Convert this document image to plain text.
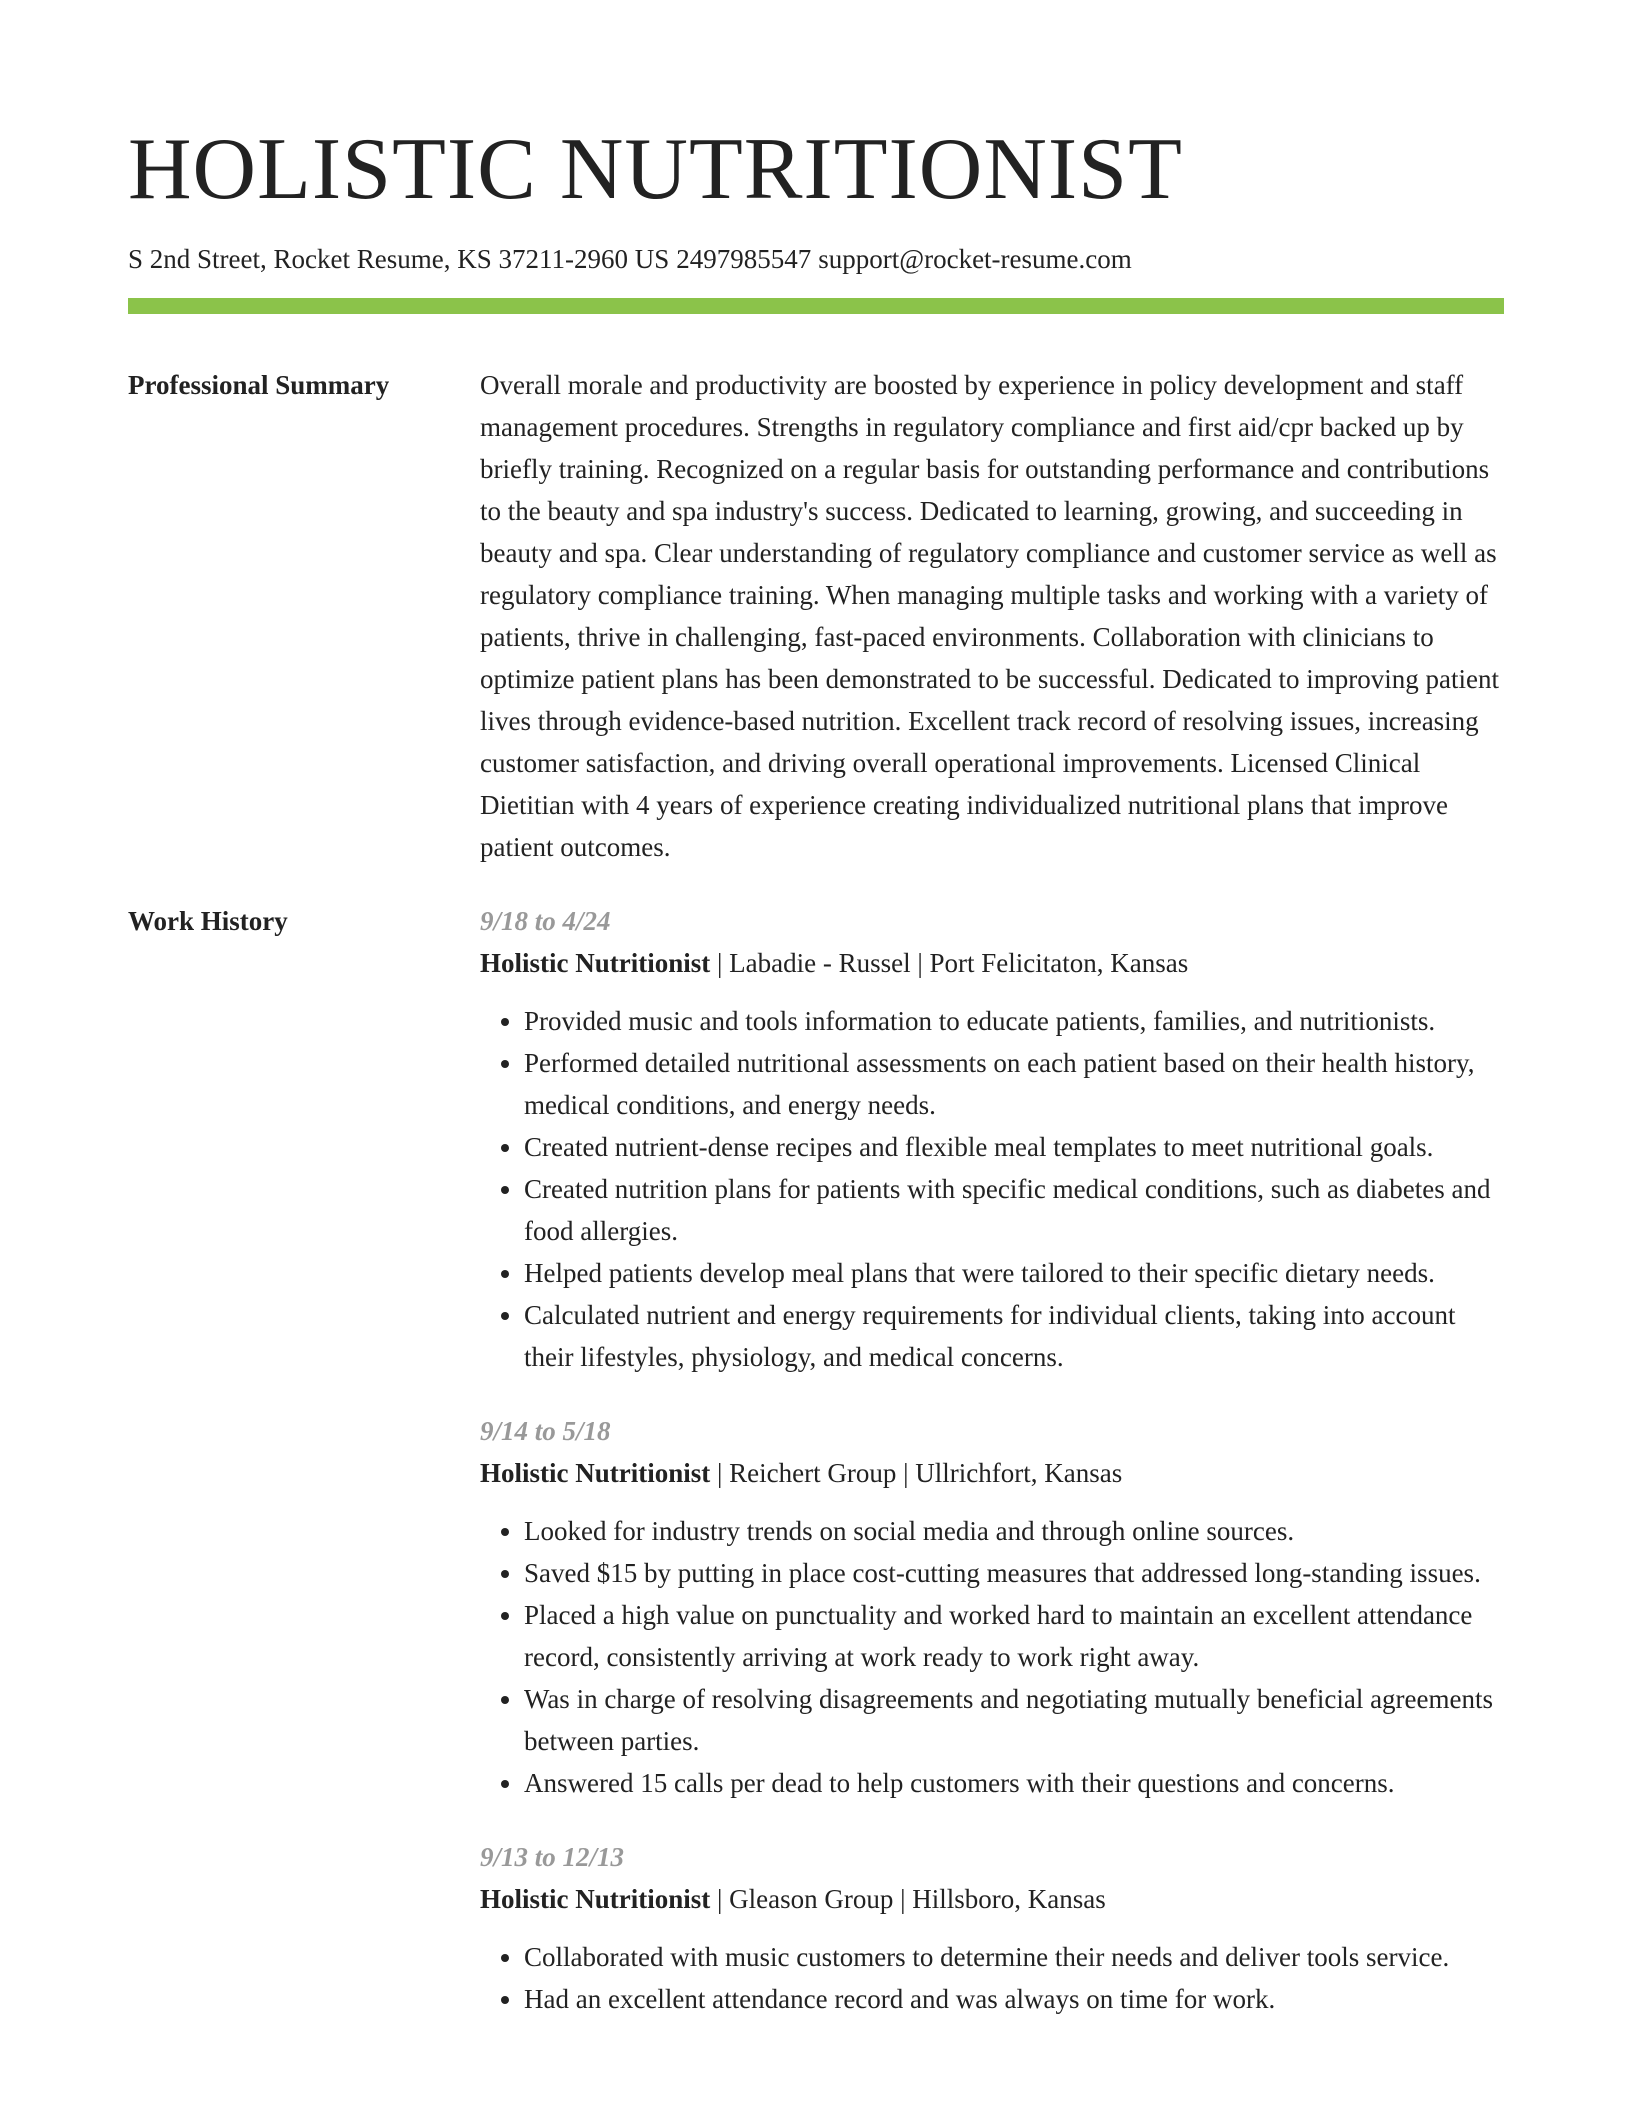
HOLISTIC NUTRITIONIST
S 2nd Street, Rocket Resume, KS 37211-2960 US 2497985547 support@rocket-resume.com
Professional Summary	Overall morale and productivity are boosted by experience in policy development and staff management procedures. Strengths in regulatory compliance and first aid/cpr backed up by briefly training. Recognized on a regular basis for outstanding performance and contributions to the beauty and spa industry's success. Dedicated to learning, growing, and succeeding in beauty and spa. Clear understanding of regulatory compliance and customer service as well as regulatory compliance training. When managing multiple tasks and working with a variety of patients, thrive in challenging, fast-paced environments. Collaboration with clinicians to optimize patient plans has been demonstrated to be successful. Dedicated to improving patient lives through evidence-based nutrition. Excellent track record of resolving issues, increasing customer satisfaction, and driving overall operational improvements. Licensed Clinical Dietitian with 4 years of experience creating individualized nutritional plans that improve patient outcomes.

Work History	9/18 to 4/24
Holistic Nutritionist | Labadie - Russel | Port Felicitaton, Kansas
• Provided music and tools information to educate patients, families, and nutritionists.
• Performed detailed nutritional assessments on each patient based on their health history, medical conditions, and energy needs.
• Created nutrient-dense recipes and flexible meal templates to meet nutritional goals.
• Created nutrition plans for patients with specific medical conditions, such as diabetes and food allergies.
• Helped patients develop meal plans that were tailored to their specific dietary needs.
• Calculated nutrient and energy requirements for individual clients, taking into account their lifestyles, physiology, and medical concerns.
9/14 to 5/18
Holistic Nutritionist | Reichert Group | Ullrichfort, Kansas
• Looked for industry trends on social media and through online sources.
• Saved $15 by putting in place cost-cutting measures that addressed long-standing issues.
• Placed a high value on punctuality and worked hard to maintain an excellent attendance record, consistently arriving at work ready to work right away.
• Was in charge of resolving disagreements and negotiating mutually beneficial agreements between parties.
• Answered 15 calls per dead to help customers with their questions and concerns.
9/13 to 12/13
Holistic Nutritionist | Gleason Group | Hillsboro, Kansas
• Collaborated with music customers to determine their needs and deliver tools service.
• Had an excellent attendance record and was always on time for work.
